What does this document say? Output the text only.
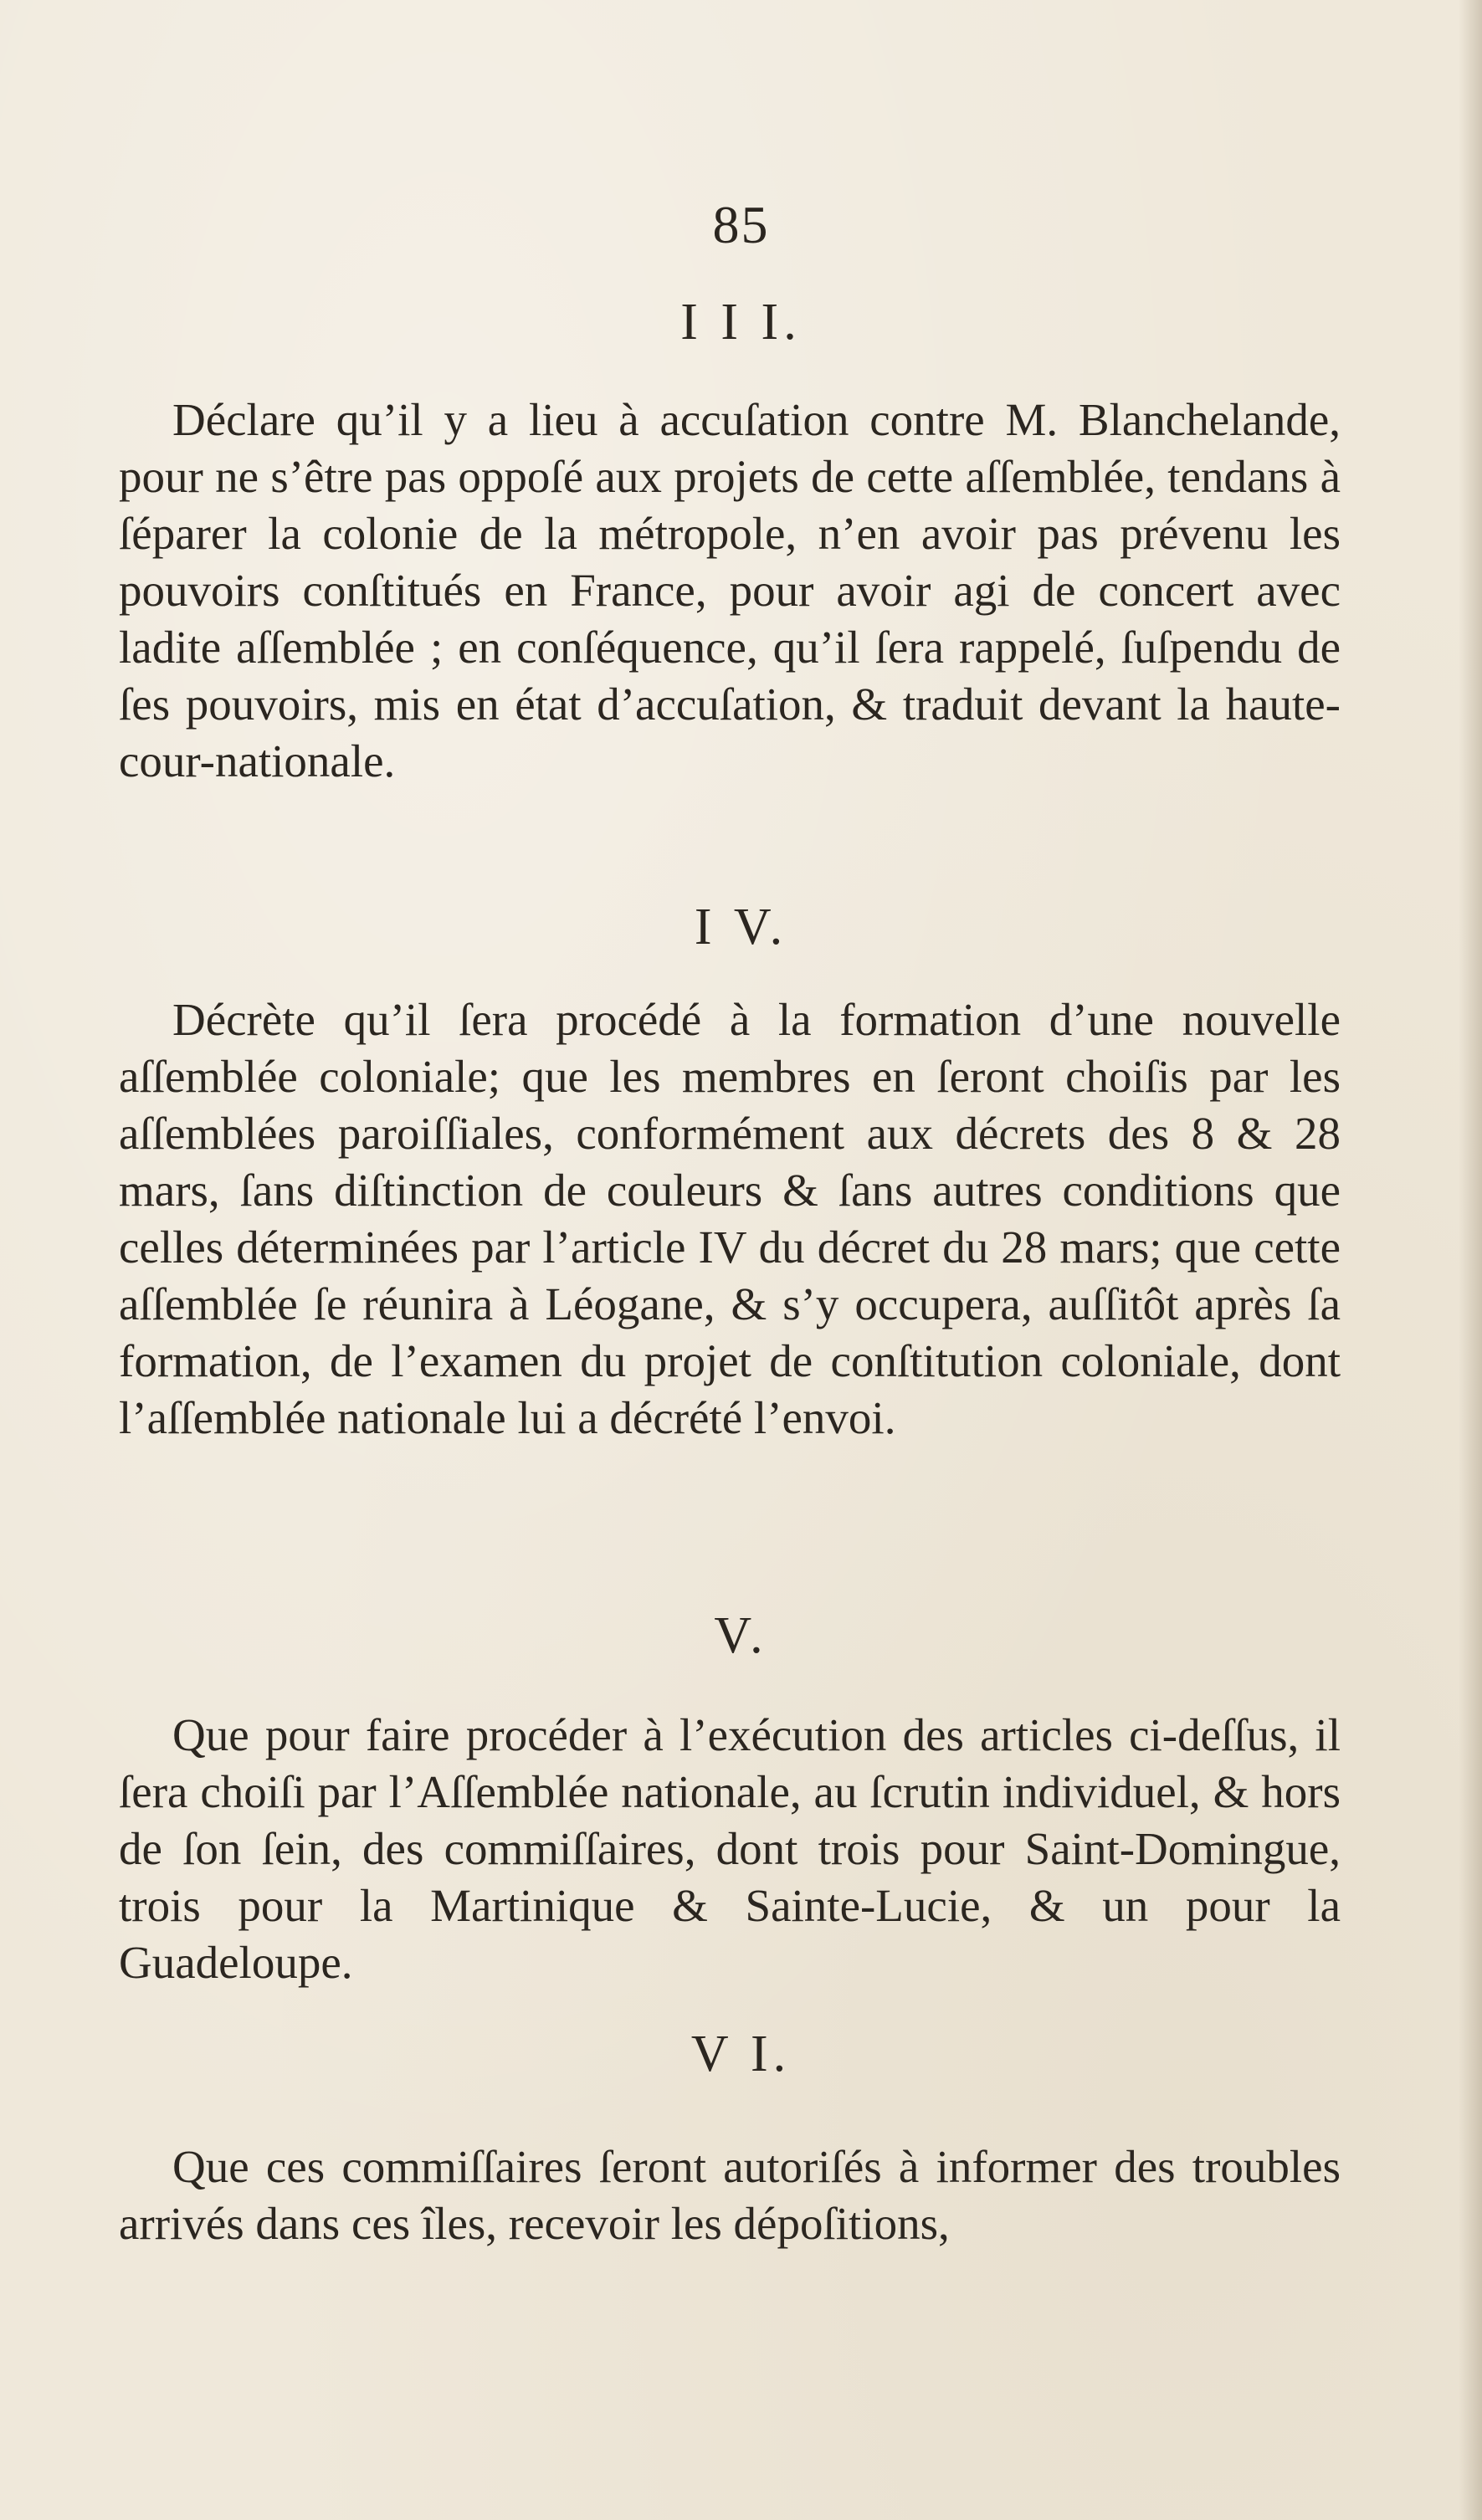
85
I I I.

Déclare qu’il y a lieu à accuſation contre M. Blanchelande, pour ne s’être pas oppoſé aux projets de cette aſſemblée, tendans à ſéparer la colonie de la métropole, n’en avoir pas prévenu les pouvoirs conſtitués en France, pour avoir agi de concert avec ladite aſſemblée ; en conſéquence, qu’il ſera rappelé, ſuſpendu de ſes pouvoirs, mis en état d’accuſation, & traduit devant la haute-cour-nationale.

I V.

Décrète qu’il ſera procédé à la formation d’une nouvelle aſſemblée coloniale; que les membres en ſeront choiſis par les aſſemblées paroiſſiales, conformément aux décrets des 8 & 28 mars, ſans diſtinction de couleurs & ſans autres conditions que celles déterminées par l’article IV du décret du 28 mars; que cette aſſemblée ſe réunira à Léogane, & s’y occupera, auſſitôt après ſa formation, de l’examen du projet de conſtitution coloniale, dont l’aſſemblée nationale lui a décrété l’envoi.

V.

Que pour faire procéder à l’exécution des articles ci-deſſus, il ſera choiſi par l’Aſſemblée nationale, au ſcrutin individuel, & hors de ſon ſein, des commiſſaires, dont trois pour Saint-Domingue, trois pour la Martinique & Sainte-Lucie, & un pour la Guadeloupe.

V I.

Que ces commiſſaires ſeront autoriſés à informer des troubles arrivés dans ces îles, recevoir les dépoſitions,
